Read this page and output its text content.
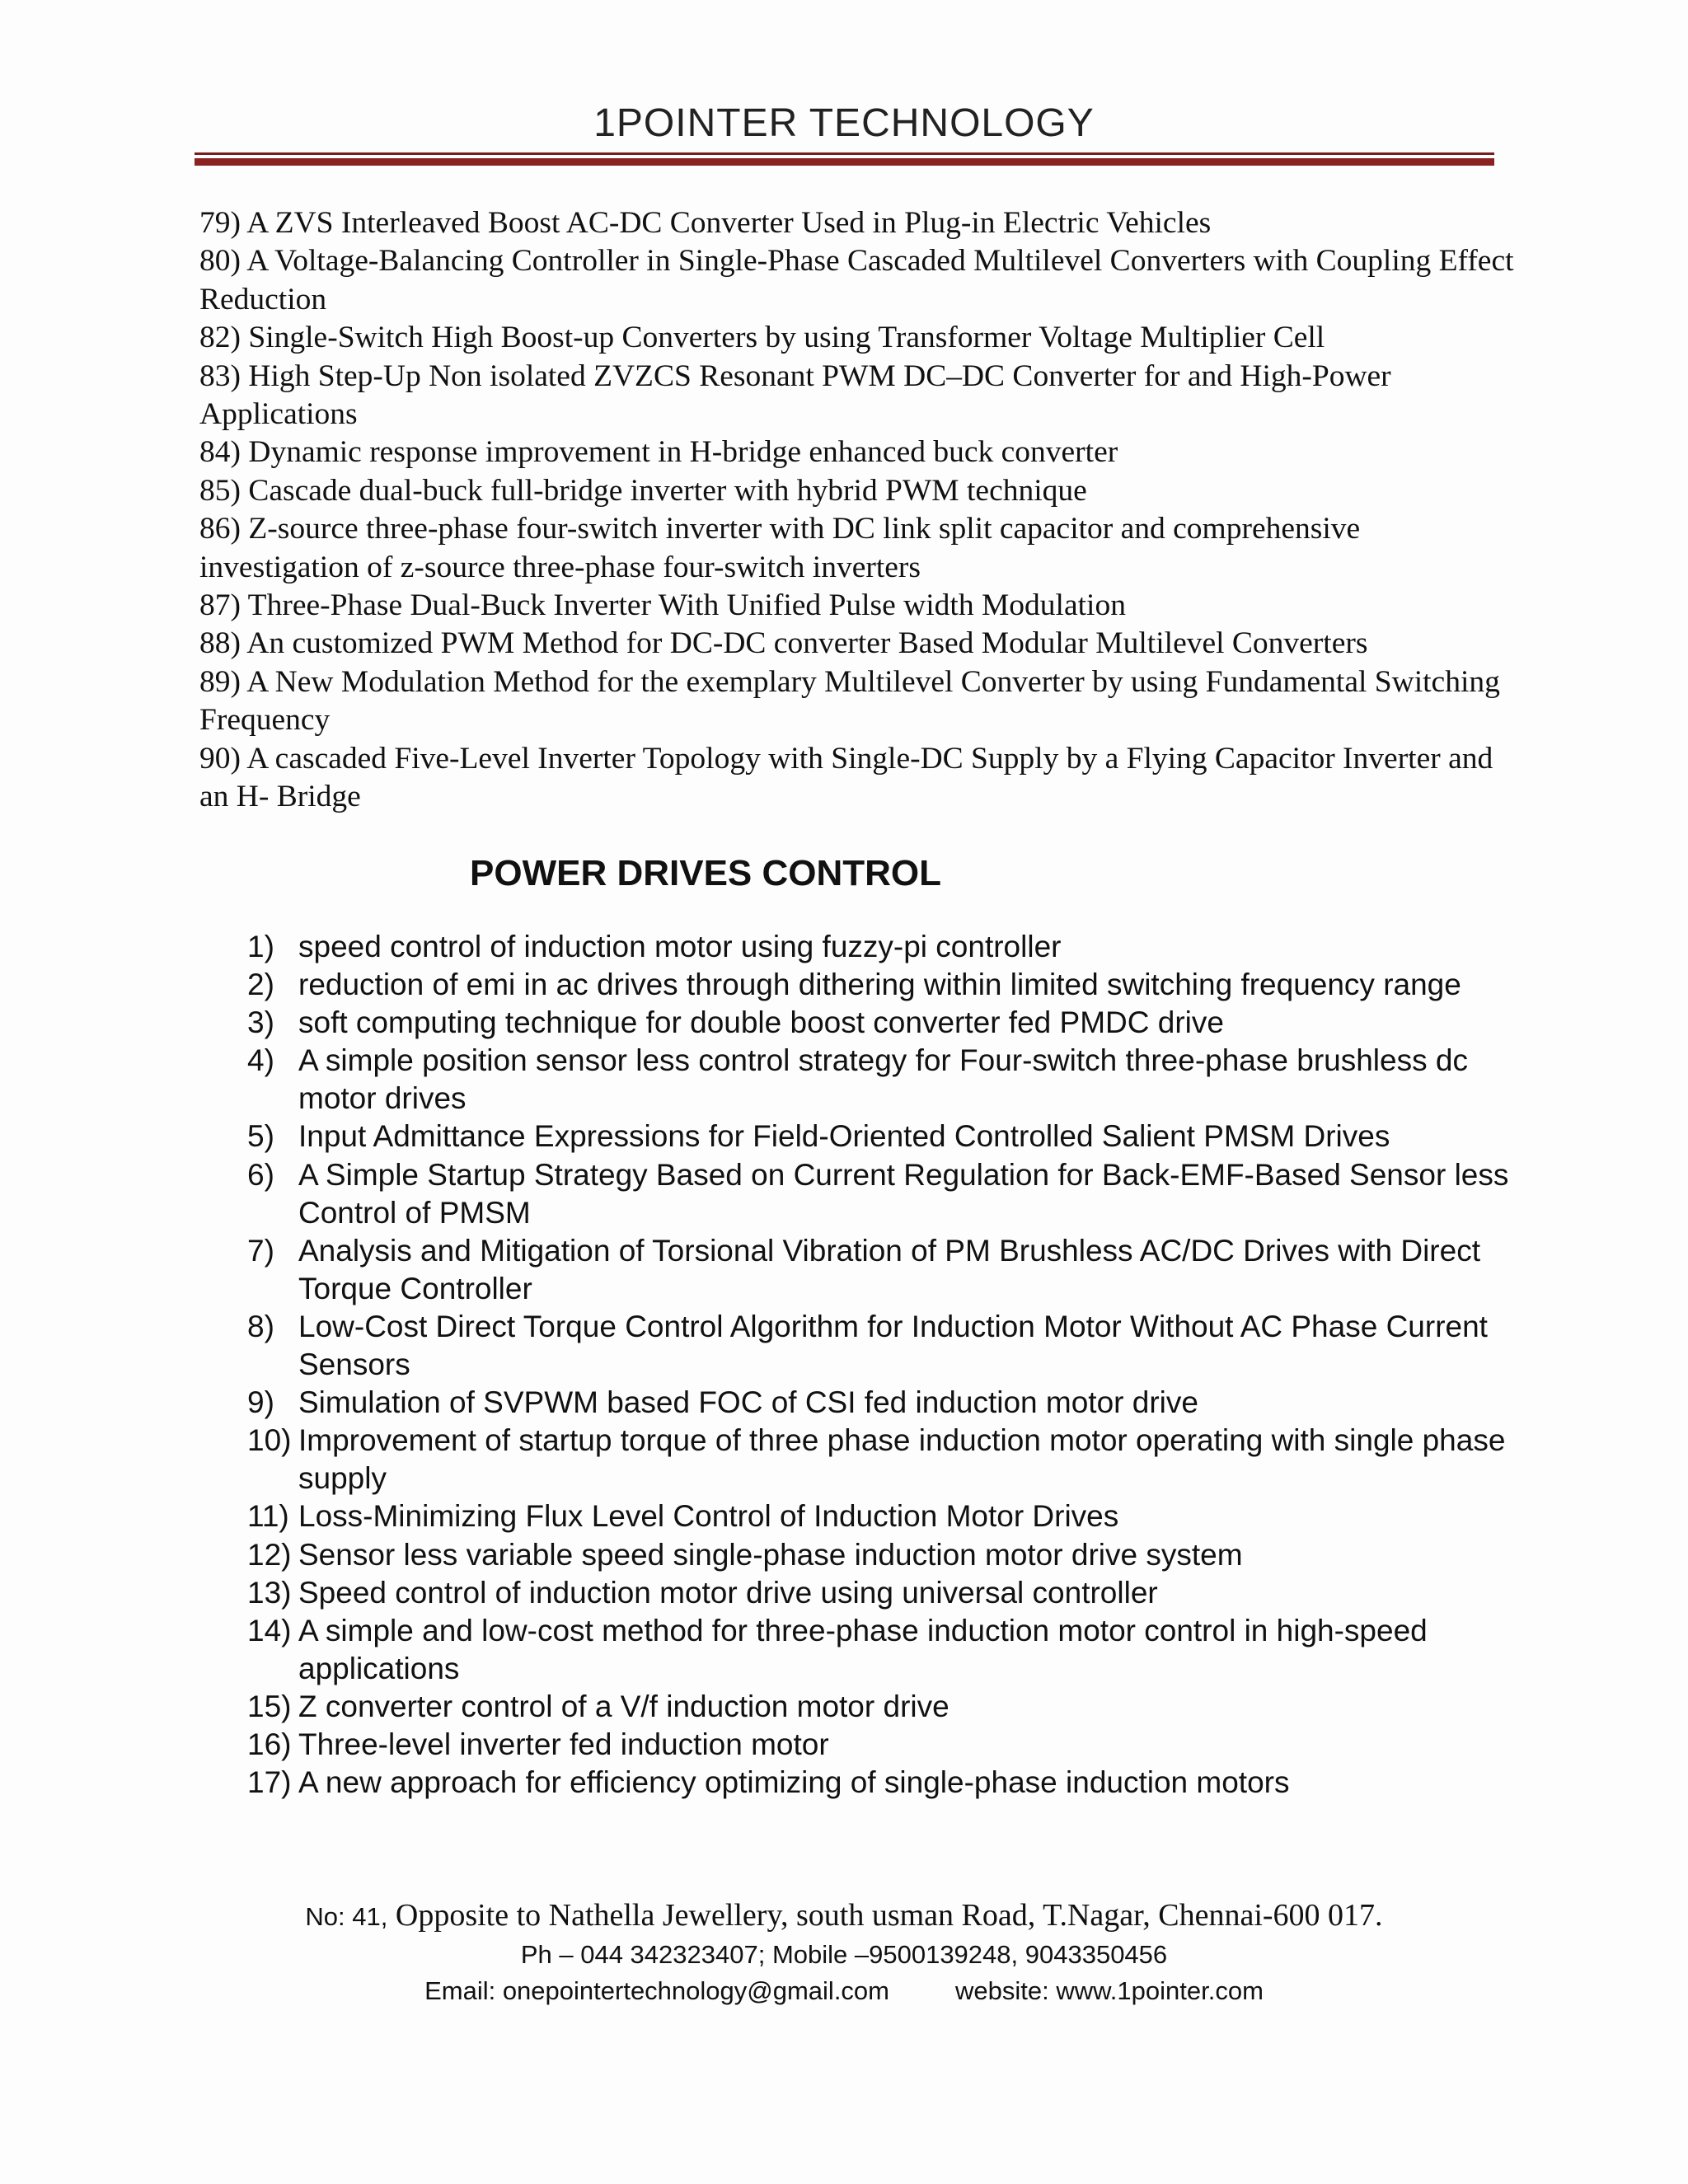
1POINTER TECHNOLOGY
79) A ZVS Interleaved Boost AC-DC Converter Used in Plug-in Electric Vehicles
80) A Voltage-Balancing Controller in Single-Phase Cascaded Multilevel Converters with Coupling Effect Reduction
82) Single-Switch High Boost-up Converters by using Transformer Voltage Multiplier Cell
83) High Step-Up Non isolated ZVZCS Resonant PWM DC–DC Converter for and High-Power Applications
84) Dynamic response improvement in H-bridge enhanced buck converter
85) Cascade dual-buck full-bridge inverter with hybrid PWM technique
86) Z-source three-phase four-switch inverter with DC link split capacitor and comprehensive investigation of z-source three-phase four-switch inverters
87) Three-Phase Dual-Buck Inverter With Unified Pulse width Modulation
88) An customized PWM Method for DC-DC converter Based Modular Multilevel Converters
89) A New Modulation Method for the exemplary Multilevel Converter by using Fundamental Switching Frequency
90) A cascaded Five-Level Inverter Topology with Single-DC Supply by a Flying Capacitor Inverter and an H- Bridge
POWER DRIVES CONTROL
1) speed control of induction motor using fuzzy-pi controller
2) reduction of emi in ac drives through dithering within limited switching frequency range
3) soft computing technique for double boost converter fed PMDC drive
4) A simple position sensor less control strategy for Four-switch three-phase brushless dc motor drives
5) Input Admittance Expressions for Field-Oriented Controlled Salient PMSM Drives
6) A Simple Startup Strategy Based on Current Regulation for Back-EMF-Based Sensor less Control of PMSM
7) Analysis and Mitigation of Torsional Vibration of PM Brushless AC/DC Drives with Direct Torque Controller
8) Low-Cost Direct Torque Control Algorithm for Induction Motor Without AC Phase Current Sensors
9) Simulation of SVPWM based FOC of CSI fed induction motor drive
10) Improvement of startup torque of three phase induction motor operating with single phase supply
11) Loss-Minimizing Flux Level Control of Induction Motor Drives
12) Sensor less variable speed single-phase induction motor drive system
13) Speed control of induction motor drive using universal controller
14) A simple and low-cost method for three-phase induction motor control in high-speed applications
15) Z converter control of a V/f induction motor drive
16) Three-level inverter fed induction motor
17) A new approach for efficiency optimizing of single-phase induction motors
No: 41, Opposite to Nathella Jewellery, south usman Road, T.Nagar, Chennai-600 017.
Ph – 044 342323407; Mobile –9500139248, 9043350456
Email: onepointertechnology@gmail.com	website: www.1pointer.com
